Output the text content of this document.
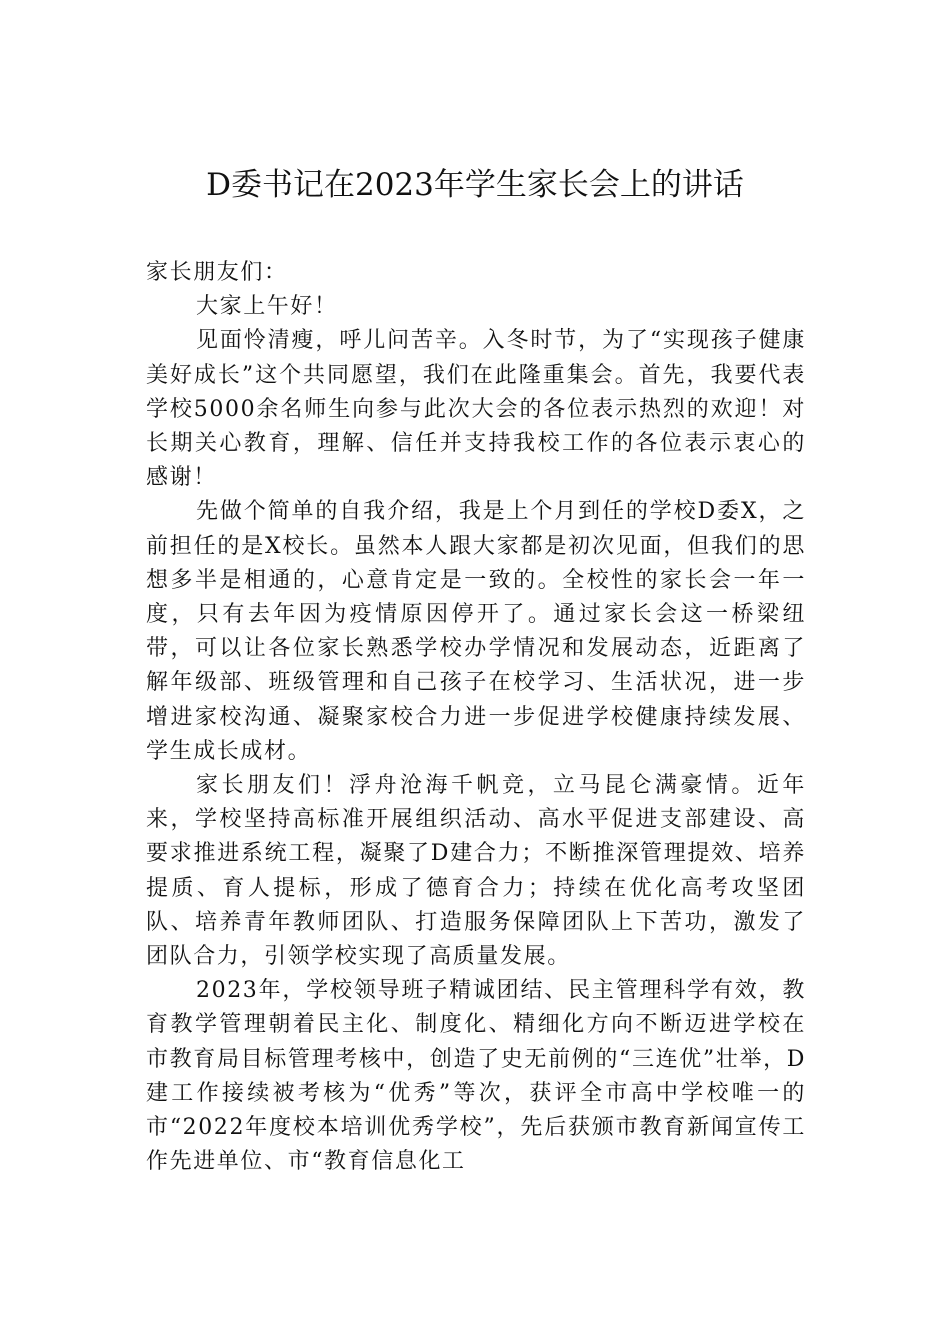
D委书记在2023年学生家长会上的讲话

家长朋友们：

大家上午好！

见面怜清瘦，呼儿问苦辛。入冬时节，为了“实现孩子健康美好成长”这个共同愿望，我们在此隆重集会。首先，我要代表学校5000余名师生向参与此次大会的各位表示热烈的欢迎！对长期关心教育，理解、信任并支持我校工作的各位表示衷心的感谢！

先做个简单的自我介绍，我是上个月到任的学校D委X，之前担任的是X校长。虽然本人跟大家都是初次见面，但我们的思想多半是相通的，心意肯定是一致的。全校性的家长会一年一度，只有去年因为疫情原因停开了。通过家长会这一桥梁纽带，可以让各位家长熟悉学校办学情况和发展动态，近距离了解年级部、班级管理和自己孩子在校学习、生活状况，进一步增进家校沟通、凝聚家校合力进一步促进学校健康持续发展、学生成长成材。

家长朋友们！浮舟沧海千帆竞，立马昆仑满豪情。近年来，学校坚持高标准开展组织活动、高水平促进支部建设、高要求推进系统工程，凝聚了D建合力；不断推深管理提效、培养提质、育人提标，形成了德育合力；持续在优化高考攻坚团队、培养青年教师团队、打造服务保障团队上下苦功，激发了团队合力，引领学校实现了高质量发展。

2023年，学校领导班子精诚团结、民主管理科学有效，教育教学管理朝着民主化、制度化、精细化方向不断迈进学校在市教育局目标管理考核中，创造了史无前例的“三连优”壮举，D建工作接续被考核为“优秀”等次，获评全市高中学校唯一的市“2022年度校本培训优秀学校”，先后获颁市教育新闻宣传工作先进单位、市“教育信息化工
